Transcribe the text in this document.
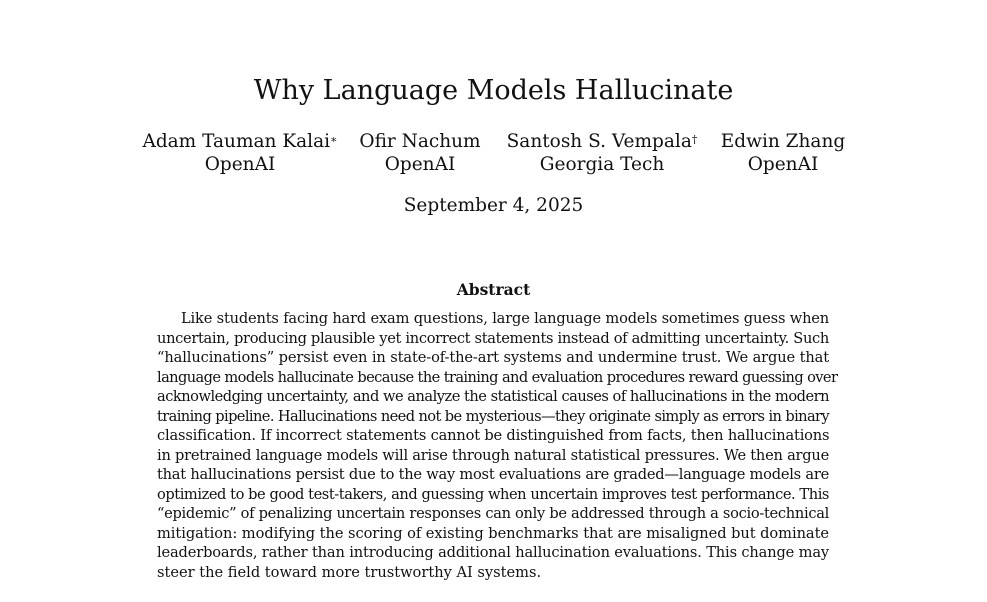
Why Language Models Hallucinate
Adam Tauman Kalai∗
OpenAI
Ofir Nachum
OpenAI
Santosh S. Vempala†
Georgia Tech
Edwin Zhang
OpenAI
September 4, 2025
Abstract

Like students facing hard exam questions, large language models sometimes guess when
uncertain, producing plausible yet incorrect statements instead of admitting uncertainty. Such
“hallucinations” persist even in state-of-the-art systems and undermine trust. We argue that
language models hallucinate because the training and evaluation procedures reward guessing over
acknowledging uncertainty, and we analyze the statistical causes of hallucinations in the modern
training pipeline. Hallucinations need not be mysterious—they originate simply as errors in binary
classification. If incorrect statements cannot be distinguished from facts, then hallucinations
in pretrained language models will arise through natural statistical pressures. We then argue
that hallucinations persist due to the way most evaluations are graded—language models are
optimized to be good test-takers, and guessing when uncertain improves test performance. This
“epidemic” of penalizing uncertain responses can only be addressed through a socio-technical
mitigation: modifying the scoring of existing benchmarks that are misaligned but dominate
leaderboards, rather than introducing additional hallucination evaluations. This change may
steer the field toward more trustworthy AI systems.
